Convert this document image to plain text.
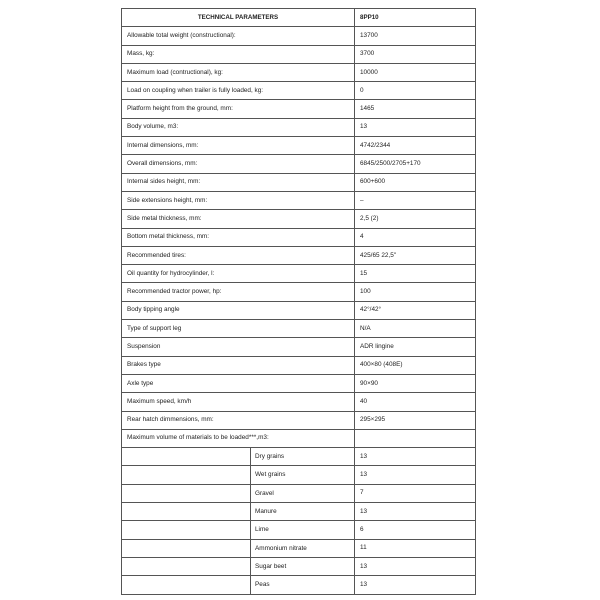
TECHNICAL PARAMETERS	8PP10
Allowable total weight (constructional):	13700
Mass, kg:	3700
Maximum load (contructional), kg:	10000
Load on coupling when trailer is fully loaded, kg:	0
Platform height from the ground, mm:	1465
Body volume, m3:	13
Internal dimensions, mm:	4742/2344
Overall dimensions, mm:	6845/2500/2705+170
Internal sides height, mm:	600+600
Side extensions height, mm:	–
Side metal thickness, mm:	2,5 (2)
Bottom metal thickness, mm:	4
Recommended tires:	425/65 22,5"
Oil quantity for hydrocylinder, l:	15
Recommended tractor power, hp:	100
Body tipping angle	42°/42°
Type of support leg	N/A
Suspension	ADR lingine
Brakes type	400×80 (408E)
Axle type	90×90
Maximum speed, km/h	40
Rear hatch dimmensions, mm:	295×295
Maximum volume of materials to be loaded***,m3:	

Dry grains	13

Wet grains	13

Gravel	7

Manure	13

Lime	6

Ammonium nitrate	11

Sugar beet	13

Peas	13
